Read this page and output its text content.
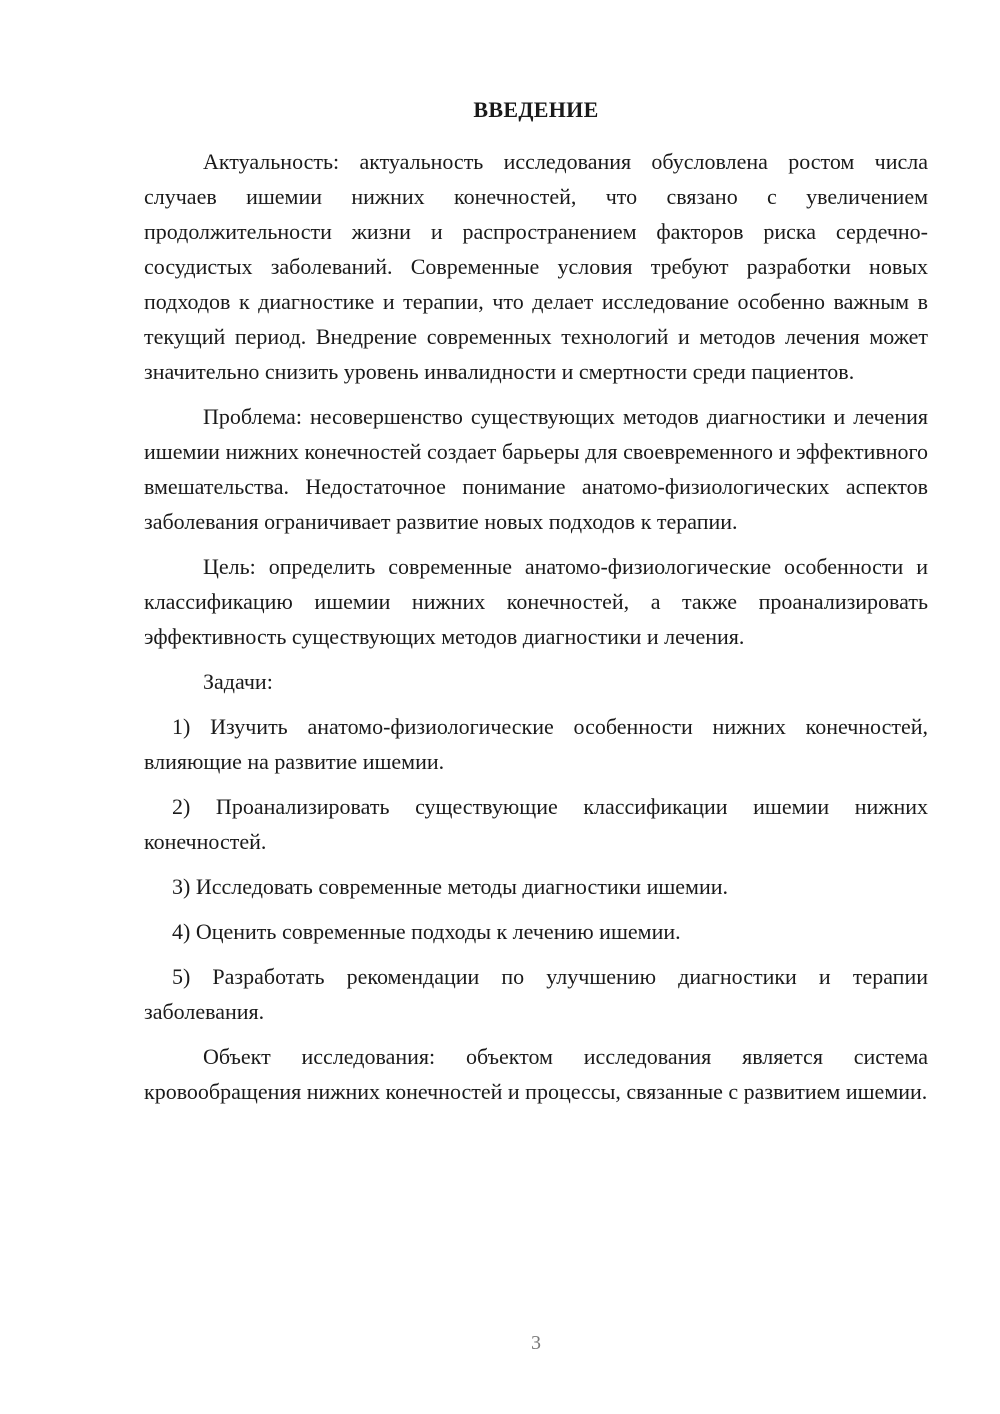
ВВЕДЕНИЕ

Актуальность: актуальность исследования обусловлена ростом числа случаев ишемии нижних конечностей, что связано с увеличением продолжительности жизни и распространением факторов риска сердечно-сосудистых заболеваний. Современные условия требуют разработки новых подходов к диагностике и терапии, что делает исследование особенно важным в текущий период. Внедрение современных технологий и методов лечения может значительно снизить уровень инвалидности и смертности среди пациентов.

Проблема: несовершенство существующих методов диагностики и лечения ишемии нижних конечностей создает барьеры для своевременного и эффективного вмешательства. Недостаточное понимание анатомо-физиологических аспектов заболевания ограничивает развитие новых подходов к терапии.

Цель: определить современные анатомо-физиологические особенности и классификацию ишемии нижних конечностей, а также проанализировать эффективность существующих методов диагностики и лечения.

Задачи:

1) Изучить анатомо-физиологические особенности нижних конечностей, влияющие на развитие ишемии.

2) Проанализировать существующие классификации ишемии нижних конечностей.

3) Исследовать современные методы диагностики ишемии.

4) Оценить современные подходы к лечению ишемии.

5) Разработать рекомендации по улучшению диагностики и терапии заболевания.

Объект исследования: объектом исследования является система кровообращения нижних конечностей и процессы, связанные с развитием ишемии.

3
